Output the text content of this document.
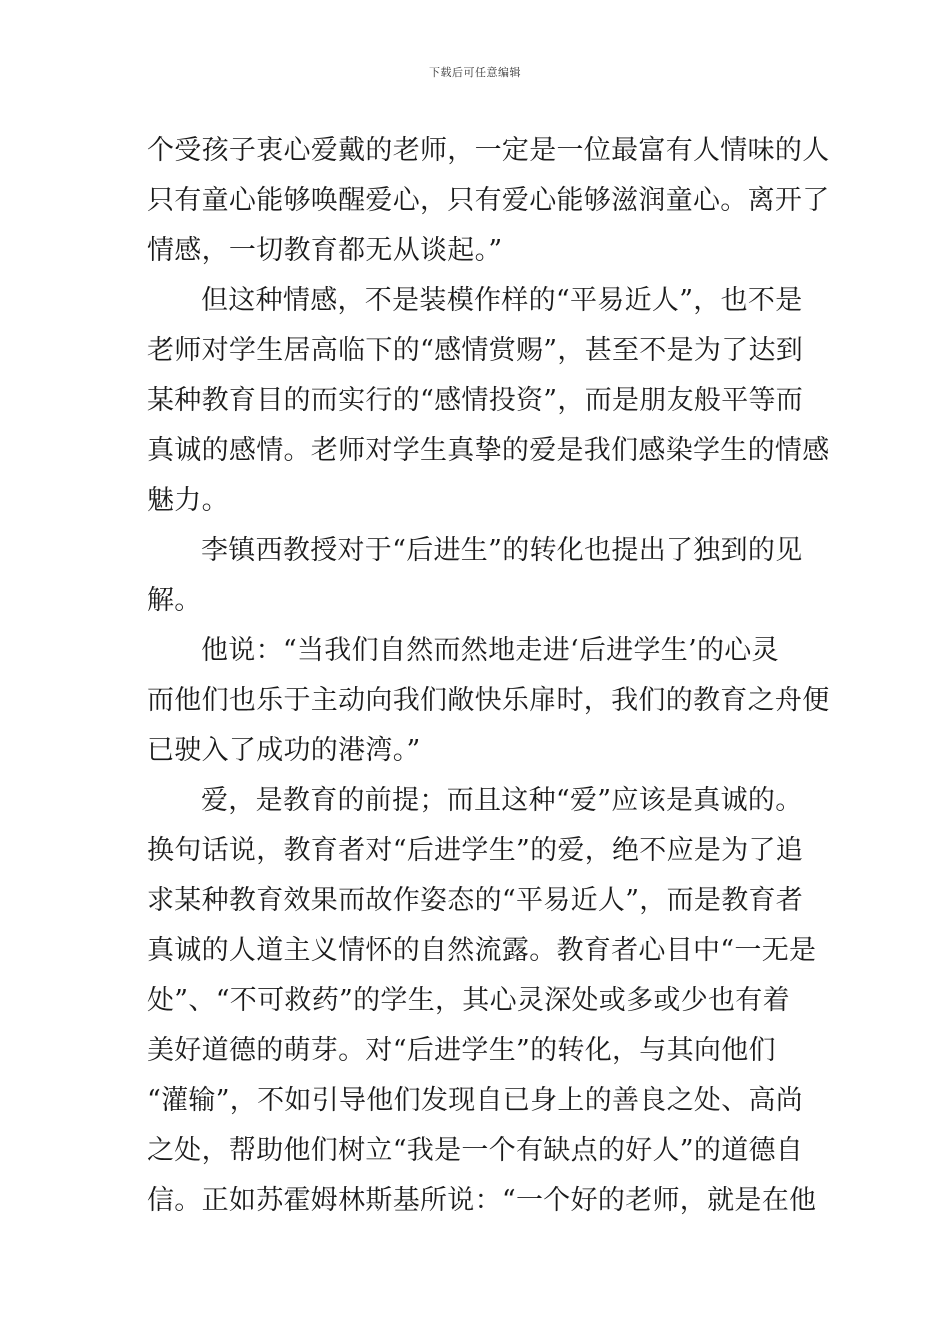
下载后可任意编辑
个受孩子衷心爱戴的老师，一定是一位最富有人情味的人
只有童心能够唤醒爱心，只有爱心能够滋润童心。离开了
情感，一切教育都无从谈起。”
但这种情感，不是装模作样的“平易近人”，也不是
老师对学生居高临下的“感情赏赐”，甚至不是为了达到
某种教育目的而实行的“感情投资”，而是朋友般平等而
真诚的感情。老师对学生真挚的爱是我们感染学生的情感
魅力。
李镇西教授对于“后进生”的转化也提出了独到的见
解。
他说：“当我们自然而然地走进‘后进学生’的心灵
而他们也乐于主动向我们敞快乐扉时，我们的教育之舟便
已驶入了成功的港湾。”
爱，是教育的前提；而且这种“爱”应该是真诚的。
换句话说，教育者对“后进学生”的爱，绝不应是为了追
求某种教育效果而故作姿态的“平易近人”，而是教育者
真诚的人道主义情怀的自然流露。教育者心目中“一无是
处”、“不可救药”的学生，其心灵深处或多或少也有着
美好道德的萌芽。对“后进学生”的转化，与其向他们
“灌输”，不如引导他们发现自已身上的善良之处、高尚
之处，帮助他们树立“我是一个有缺点的好人”的道德自
信。正如苏霍姆林斯基所说：“一个好的老师，就是在他
